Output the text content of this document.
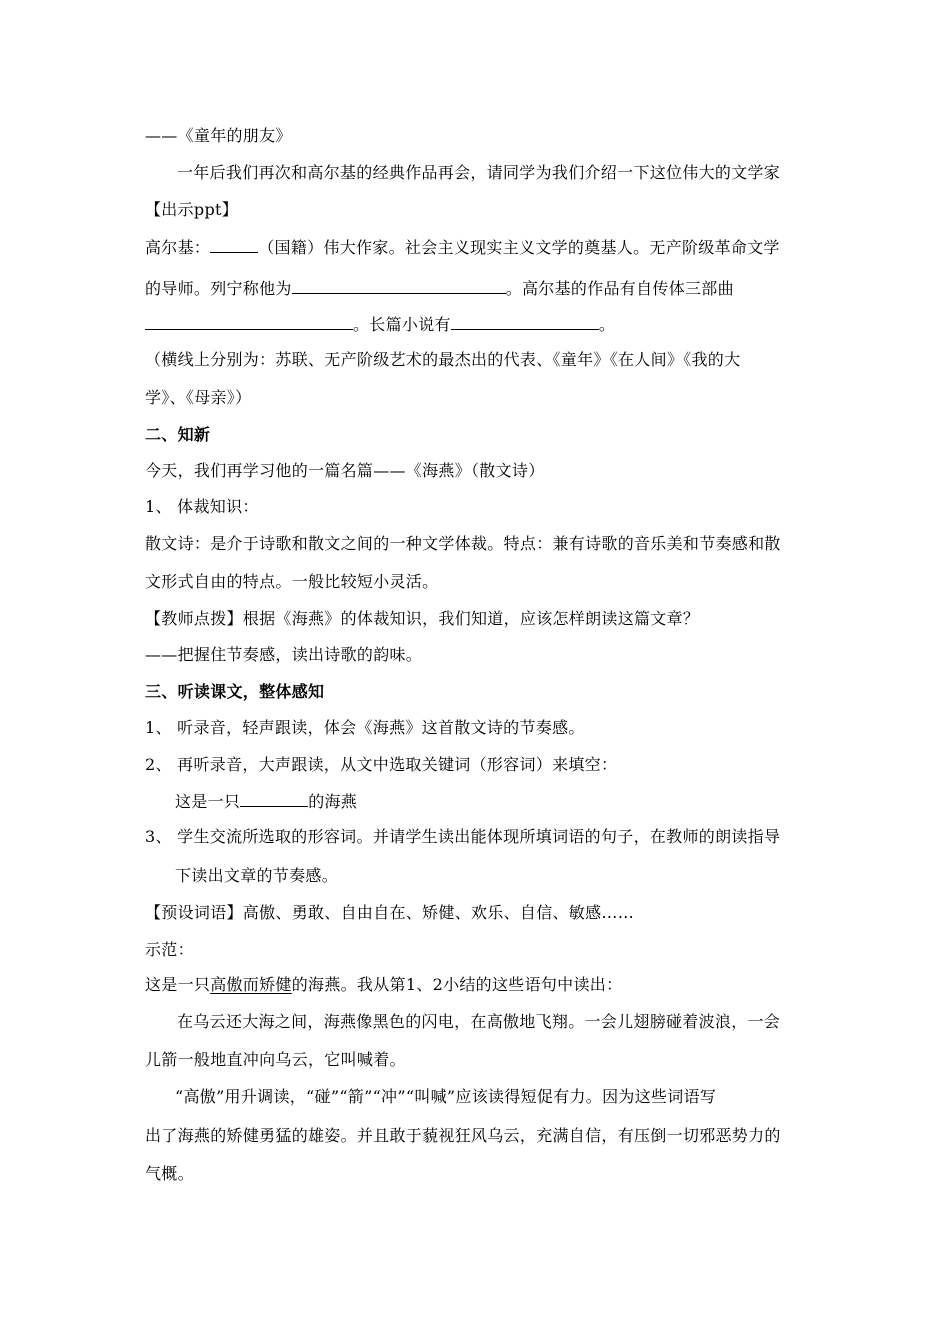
——《童年的朋友》
一年后我们再次和高尔基的经典作品再会，请同学为我们介绍一下这位伟大的文学家
【出示ppt】
高尔基：	（国籍）伟大作家。社会主义现实主义文学的奠基人。无产阶级革命文学
的导师。列宁称他为	。高尔基的作品有自传体三部曲
。长篇小说有	。
（横线上分别为：苏联、无产阶级艺术的最杰出的代表、《童年》《在人间》《我的大
学》、《母亲》）
二、知新
今天，我们再学习他的一篇名篇——《海燕》（散文诗）
1、 体裁知识：
散文诗：是介于诗歌和散文之间的一种文学体裁。特点：兼有诗歌的音乐美和节奏感和散
文形式自由的特点。一般比较短小灵活。
【教师点拨】根据《海燕》的体裁知识，我们知道，应该怎样朗读这篇文章？
——把握住节奏感，读出诗歌的韵味。
三、听读课文，整体感知
1、 听录音，轻声跟读，体会《海燕》这首散文诗的节奏感。
2、 再听录音，大声跟读，从文中选取关键词（形容词）来填空：
这是一只	的海燕
3、 学生交流所选取的形容词。并请学生读出能体现所填词语的句子，在教师的朗读指导
下读出文章的节奏感。
【预设词语】高傲、勇敢、自由自在、矫健、欢乐、自信、敏感……
示范：
这是一只高傲而矫健的海燕。我从第1、2小结的这些语句中读出：
在乌云还大海之间，海燕像黑色的闪电，在高傲地飞翔。一会儿翅膀碰着波浪，一会
儿箭一般地直冲向乌云，它叫喊着。
“高傲”用升调读，“碰”“箭”“冲”“叫喊”应该读得短促有力。因为这些词语写
出了海燕的矫健勇猛的雄姿。并且敢于藐视狂风乌云，充满自信，有压倒一切邪恶势力的
气概。
